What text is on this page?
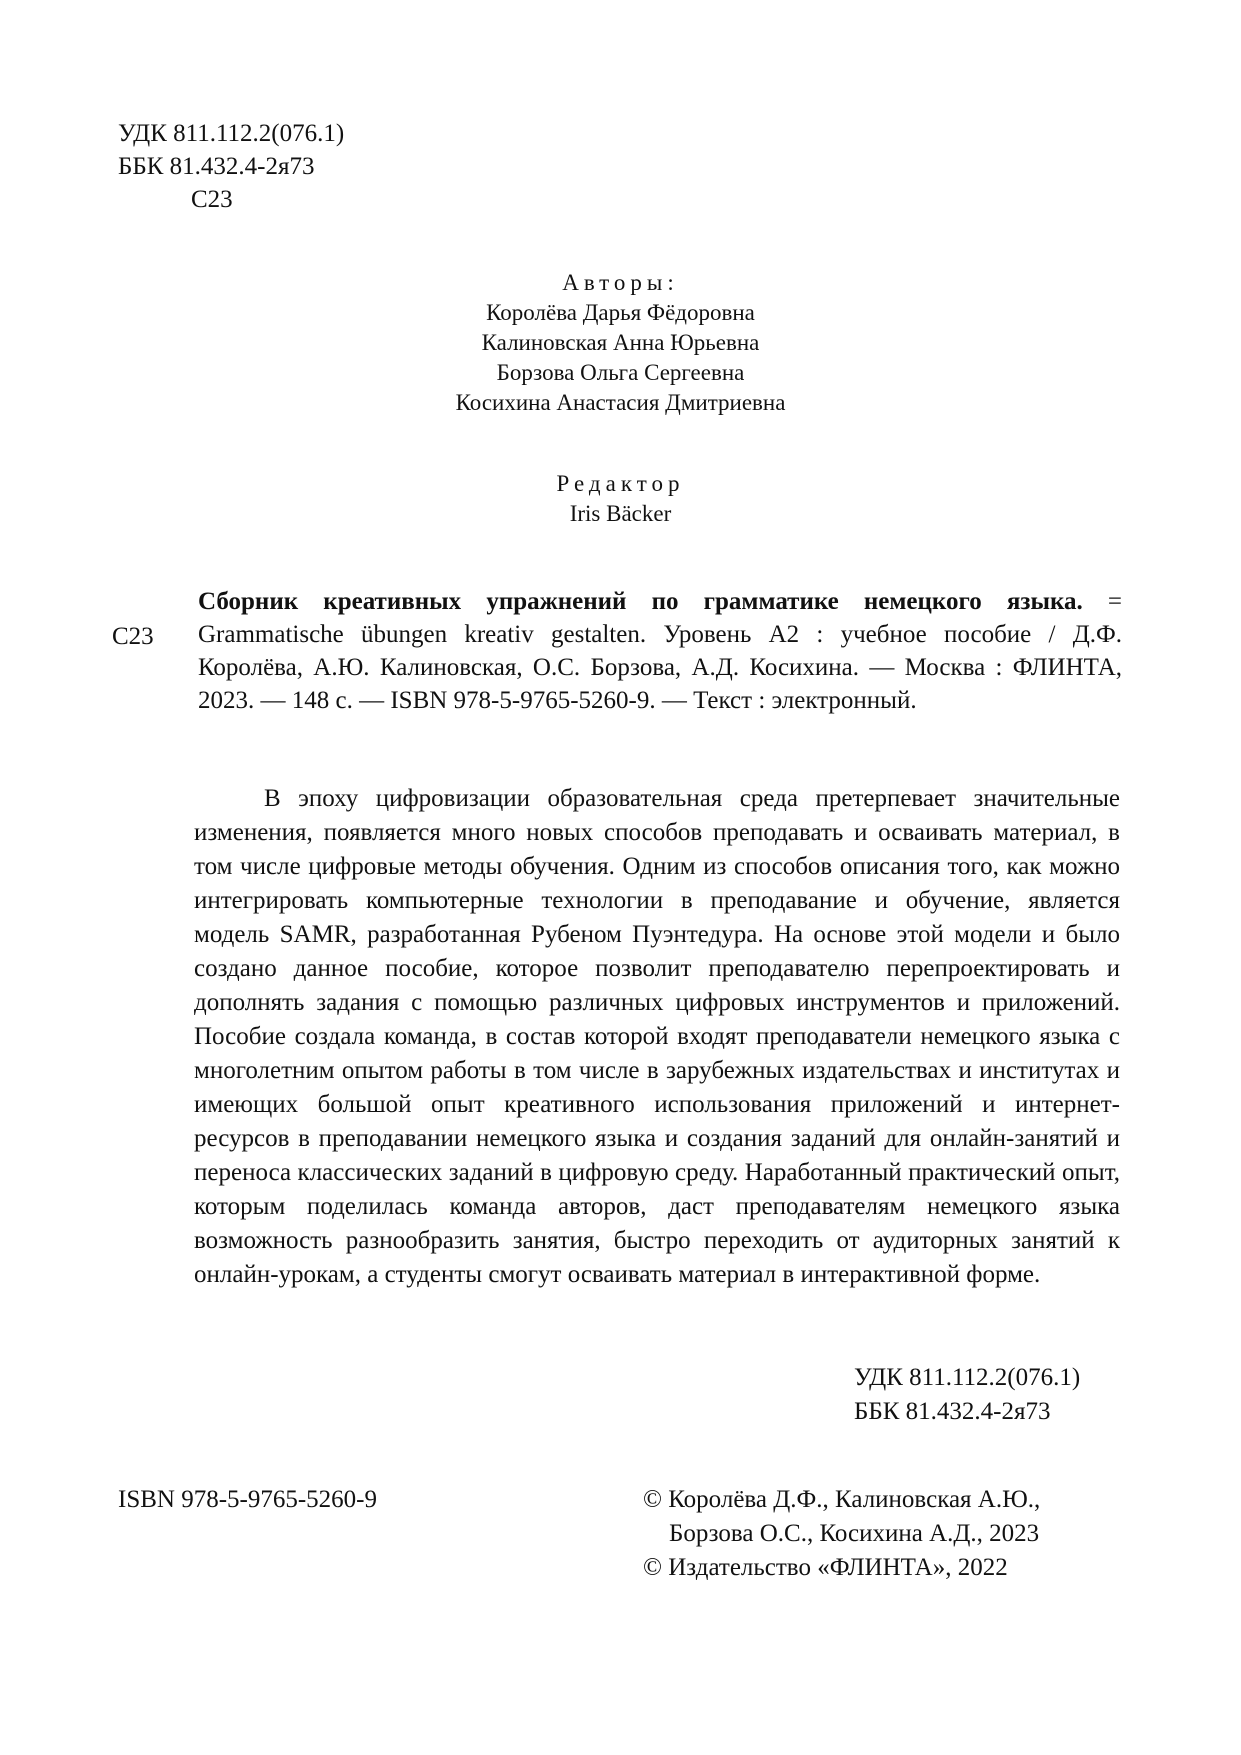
УДК 811.112.2(076.1)
ББК 81.432.4-2я73
С23
Авторы:
Королёва Дарья Фёдоровна
Калиновская Анна Юрьевна
Борзова Ольга Сергеевна
Косихина Анастасия Дмитриевна
Редактор
Iris Bäcker
С23
Сборник креативных упражнений по грамматике немецкого языка. = Grammatische übungen kreativ gestalten. Уровень А2 : учебное пособие / Д.Ф. Королёва, А.Ю. Калиновская, О.С. Борзова, А.Д. Косихина. — Москва : ФЛИНТА, 2023. — 148 с. — ISBN 978-5-9765-5260-9. — Текст : электронный.
В эпоху цифровизации образовательная среда претерпевает значительные изменения, появляется много новых способов преподавать и осваивать материал, в том числе цифровые методы обучения. Одним из способов описания того, как можно интегрировать компьютерные технологии в преподавание и обучение, является модель SAMR, разработанная Рубеном Пуэнтедура. На основе этой модели и было создано данное пособие, которое позволит преподавателю перепроектировать и дополнять задания с помощью различных цифровых инструментов и приложений. Пособие создала команда, в состав которой входят преподаватели немецкого языка с многолетним опытом работы в том числе в зарубежных издательствах и институтах и имеющих большой опыт креативного использования приложений и интернет-ресурсов в преподавании немецкого языка и создания заданий для онлайн-занятий и переноса классических заданий в цифровую среду. Наработанный практический опыт, которым поделилась команда авторов, даст преподавателям немецкого языка возможность разнообразить занятия, быстро переходить от аудиторных занятий к онлайн-урокам, а студенты смогут осваивать материал в интерактивной форме.
УДК 811.112.2(076.1)
ББК 81.432.4-2я73
ISBN 978-5-9765-5260-9	© Королёва Д.Ф., Калиновская А.Ю.,
Борзова О.С., Косихина А.Д., 2023
© Издательство «ФЛИНТА», 2022
